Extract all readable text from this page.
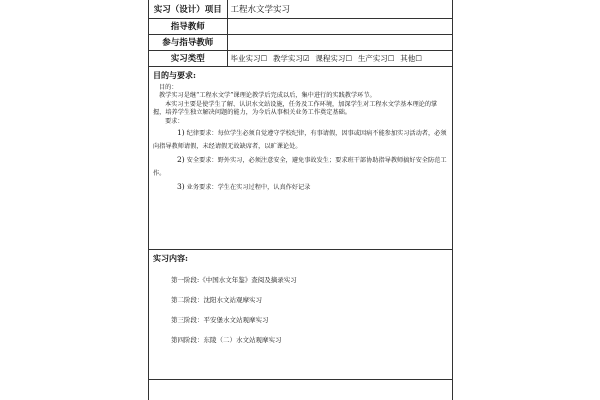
实习（设计）项目	工程水文学实习
指导教师	
参与指导教师	
实习类型	毕业实习☐ 教学实习☑ 课程实习☐ 生产实习☐ 其他☐
目的与要求:

目的：

教学实习是继“工程水文学”课理论教学后完成以后，集中进行的实践教学环节。

本实习主要是使学生了解、认识水文站设施，任务及工作环境，加深学生对工程水文学基本理论的掌握，培养学生独立解决问题的能力，为今后从事相关业务工作奠定基础。

要求：

1) 纪律要求：每位学生必须自觉遵守学校纪律，有事请假，因事或因病不能参加实习活动者，必须向指导教师请假，未经请假无故缺席者，以旷课论处。

2) 安全要求：野外实习，必须注意安全，避免事故发生；要求班干部协助指导教师搞好安全防范工作。

3) 业务要求：学生在实习过程中，认真作好记录

实习内容:

第一阶段:《中国水文年鉴》查阅及摘录实习

第二阶段：沈阳水文站观摩实习

第三阶段：平安堡水文站观摩实习

第四阶段：东陵（二）水文站观摩实习
